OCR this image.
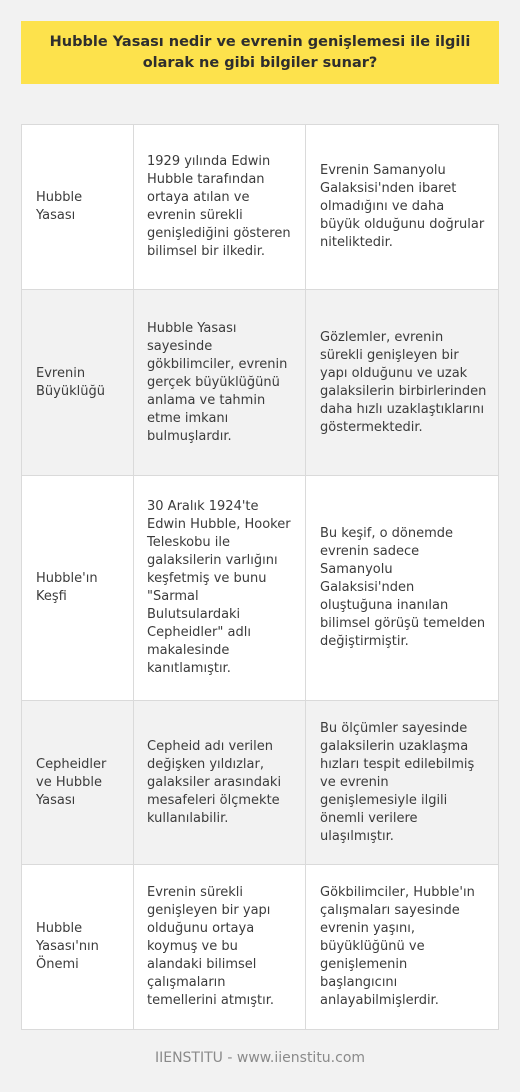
Hubble Yasası nedir ve evrenin genişlemesi ile ilgili olarak ne gibi bilgiler sunar?
Hubble Yasası
1929 yılında Edwin Hubble tarafından ortaya atılan ve evrenin sürekli genişlediğini gösteren bilimsel bir ilkedir.
Evrenin Samanyolu Galaksisi'nden ibaret olmadığını ve daha büyük olduğunu doğrular niteliktedir.
Evrenin Büyüklüğü
Hubble Yasası sayesinde gökbilimciler, evrenin gerçek büyüklüğünü anlama ve tahmin etme imkanı bulmuşlardır.
Gözlemler, evrenin sürekli genişleyen bir yapı olduğunu ve uzak galaksilerin birbirlerinden daha hızlı uzaklaştıklarını göstermektedir.
Hubble'ın Keşfi
30 Aralık 1924'te Edwin Hubble, Hooker Teleskobu ile galaksilerin varlığını keşfetmiş ve bunu "Sarmal Bulutsulardaki Cepheidler" adlı makalesinde kanıtlamıştır.
Bu keşif, o dönemde evrenin sadece Samanyolu Galaksisi'nden oluştuğuna inanılan bilimsel görüşü temelden değiştirmiştir.
Cepheidler ve Hubble Yasası
Cepheid adı verilen değişken yıldızlar, galaksiler arasındaki mesafeleri ölçmekte kullanılabilir.
Bu ölçümler sayesinde galaksilerin uzaklaşma hızları tespit edilebilmiş ve evrenin genişlemesiyle ilgili önemli verilere ulaşılmıştır.
Hubble Yasası'nın Önemi
Evrenin sürekli genişleyen bir yapı olduğunu ortaya koymuş ve bu alandaki bilimsel çalışmaların temellerini atmıştır.
Gökbilimciler, Hubble'ın çalışmaları sayesinde evrenin yaşını, büyüklüğünü ve genişlemenin başlangıcını anlayabilmişlerdir.
IIENSTITU - www.iienstitu.com
